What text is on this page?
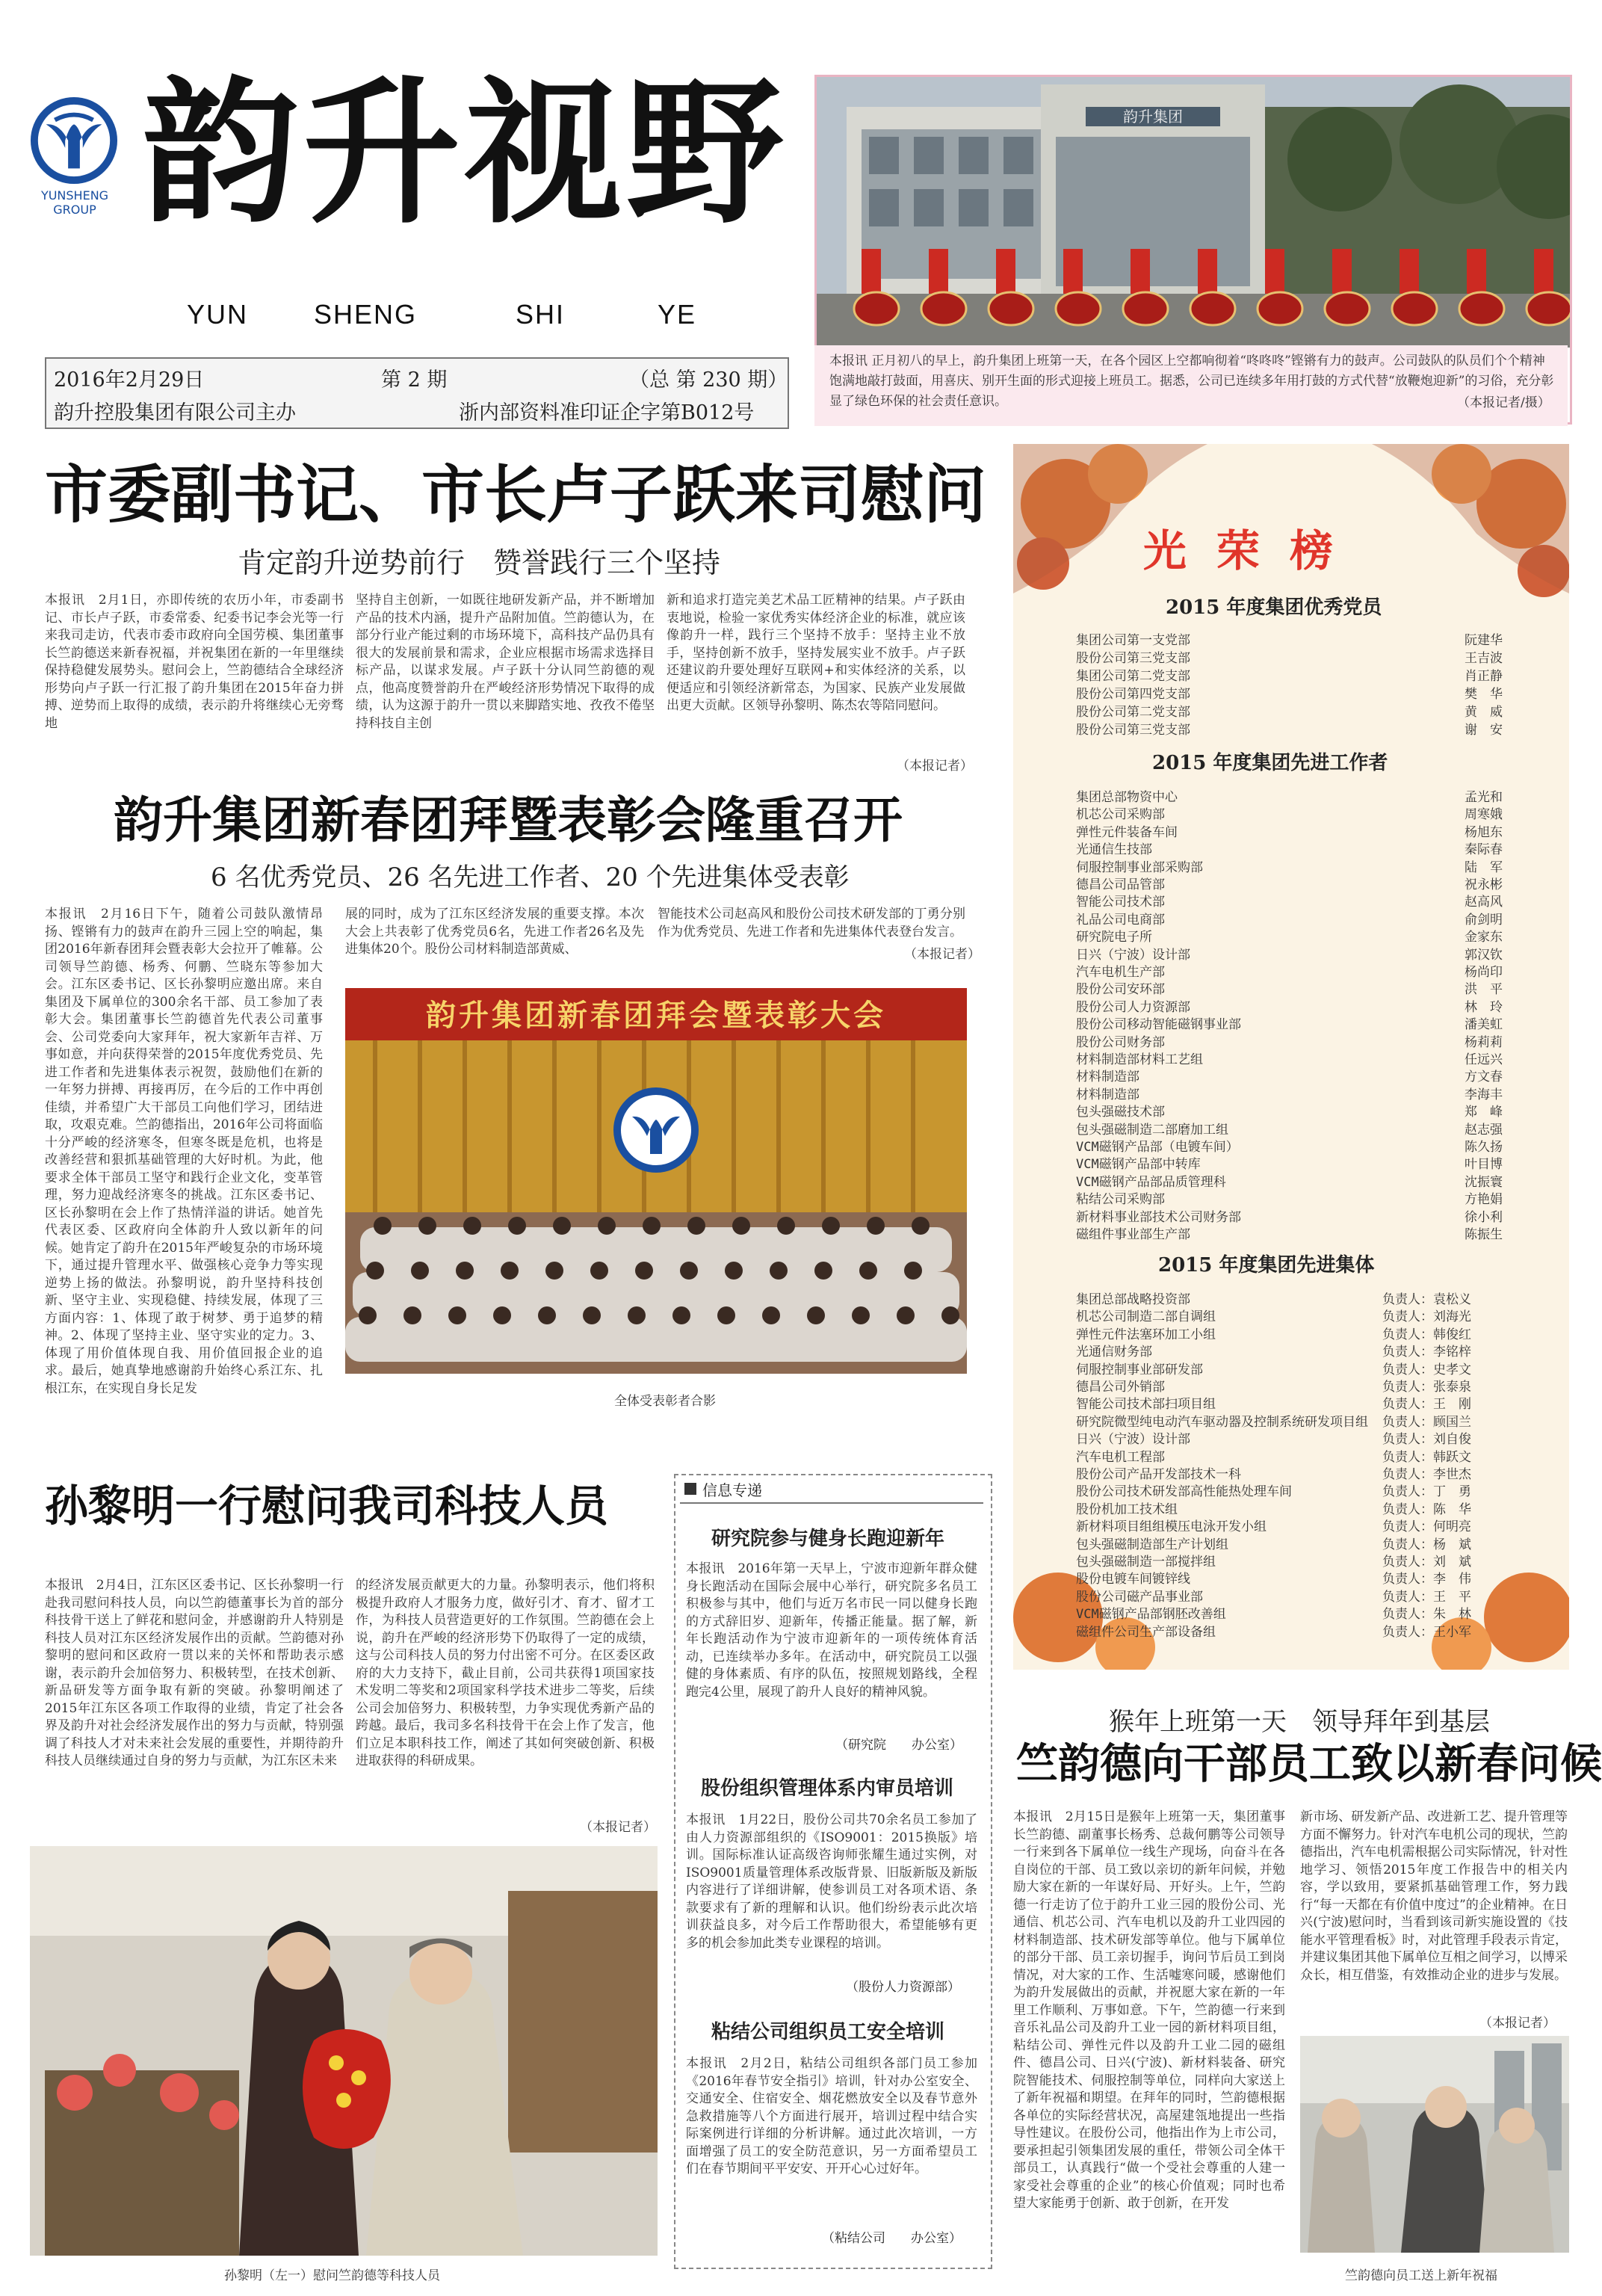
YUNSHENG GROUP 韵升视野
YUN SHENG	SHI	YE
2016年2月29日	第 2 期	（总 第 230 期）
韵升控股集团有限公司主办	浙内部资料准印证企字第B012号
韵升集团
本报讯 正月初八的早上，韵升集团上班第一天，在各个园区上空都响彻着“咚咚咚”铿锵有力的鼓声。公司鼓队的队员们个个精神饱满地敲打鼓面，用喜庆、别开生面的形式迎接上班员工。据悉，公司已连续多年用打鼓的方式代替“放鞭炮迎新”的习俗，充分彰显了绿色环保的社会责任意识。	（本报记者/摄）
市委副书记、市长卢子跃来司慰问
肯定韵升逆势前行　赞誉践行三个坚持
本报讯　2月1日，亦即传统的农历小年，市委副书记、市长卢子跃，市委常委、纪委书记李会光等一行来我司走访，代表市委市政府向全国劳模、集团董事长竺韵德送来新春祝福，并祝集团在新的一年里继续保持稳健发展势头。慰问会上，竺韵德结合全球经济形势向卢子跃一行汇报了韵升集团在2015年奋力拼搏、逆势而上取得的成绩，表示韵升将继续心无旁骛地
坚持自主创新，一如既往地研发新产品，并不断增加产品的技术内涵，提升产品附加值。竺韵德认为，在部分行业产能过剩的市场环境下，高科技产品仍具有很大的发展前景和需求，企业应根据市场需求选择目标产品，以谋求发展。卢子跃十分认同竺韵德的观点，他高度赞誉韵升在严峻经济形势情况下取得的成绩，认为这源于韵升一贯以来脚踏实地、孜孜不倦坚持科技自主创
新和追求打造完美艺术品工匠精神的结果。卢子跃由衷地说，检验一家优秀实体经济企业的标准，就应该像韵升一样，践行三个坚持不放手：坚持主业不放手，坚持创新不放手，坚持发展实业不放手。卢子跃还建议韵升要处理好互联网+和实体经济的关系，以便适应和引领经济新常态，为国家、民族产业发展做出更大贡献。区领导孙黎明、陈杰农等陪同慰问。
（本报记者）
韵升集团新春团拜暨表彰会隆重召开
6 名优秀党员、26 名先进工作者、20 个先进集体受表彰
本报讯　2月16日下午，随着公司鼓队激情昂扬、铿锵有力的鼓声在韵升三园上空的响起，集团2016年新春团拜会暨表彰大会拉开了帷幕。公司领导竺韵德、杨秀、何鹏、竺晓东等参加大会。江东区委书记、区长孙黎明应邀出席。来自集团及下属单位的300余名干部、员工参加了表彰大会。集团董事长竺韵德首先代表公司董事会、公司党委向大家拜年，祝大家新年吉祥、万事如意，并向获得荣誉的2015年度优秀党员、先进工作者和先进集体表示祝贺，鼓励他们在新的一年努力拼搏、再接再厉，在今后的工作中再创佳绩，并希望广大干部员工向他们学习，团结进取，攻艰克难。竺韵德指出，2016年公司将面临十分严峻的经济寒冬，但寒冬既是危机，也将是改善经营和狠抓基础管理的大好时机。为此，他要求全体干部员工坚守和践行企业文化，变革管理，努力迎战经济寒冬的挑战。江东区委书记、区长孙黎明在会上作了热情洋溢的讲话。她首先代表区委、区政府向全体韵升人致以新年的问候。她肯定了韵升在2015年严峻复杂的市场环境下，通过提升管理水平、做强核心竞争力等实现逆势上扬的做法。孙黎明说，韵升坚持科技创新、坚守主业、实现稳健、持续发展，体现了三方面内容：1、体现了敢于树梦、勇于追梦的精神。2、体现了坚持主业、坚守实业的定力。3、体现了用价值体现自我、用价值回报企业的追求。最后，她真挚地感谢韵升始终心系江东、扎根江东，在实现自身长足发
展的同时，成为了江东区经济发展的重要支撑。本次大会上共表彰了优秀党员6名，先进工作者26名及先进集体20个。股份公司材料制造部黄威、
智能技术公司赵高风和股份公司技术研发部的丁勇分别作为优秀党员、先进工作者和先进集体代表登台发言。
（本报记者）
韵升集团新春团拜会暨表彰大会
全体受表彰者合影
光荣榜
2015 年度集团优秀党员
集团公司第一支党部	阮建华
股份公司第三党支部	王吉波
集团公司第二党支部	肖正静
股份公司第四党支部	樊　华
股份公司第二党支部	黄　威
股份公司第三党支部	谢　安
2015 年度集团先进工作者
集团总部物资中心	孟光和
机芯公司采购部	周寒娥
弹性元件装备车间	杨旭东
光通信生技部	秦际春
伺服控制事业部采购部	陆　军
德昌公司品管部	祝永彬
智能公司技术部	赵高风
礼品公司电商部	俞剑明
研究院电子所	金家东
日兴（宁波）设计部	郭汉钦
汽车电机生产部	杨尚印
股份公司安环部	洪　平
股份公司人力资源部	林　玲
股份公司移动智能磁钢事业部	潘美虹
股份公司财务部	杨莉莉
材料制造部材料工艺组	任远兴
材料制造部	方文春
材料制造部	李海丰
包头强磁技术部	郑　峰
包头强磁制造二部磨加工组	赵志强
VCM磁钢产品部（电镀车间）	陈久扬
VCM磁钢产品部中转库	叶目博
VCM磁钢产品部品质管理科	沈振寰
粘结公司采购部	方艳娟
新材料事业部技术公司财务部	徐小利
磁组件事业部生产部	陈振生
2015 年度集团先进集体
集团总部战略投资部	负责人：袁松义
机芯公司制造二部自调组	负责人：刘海光
弹性元件法塞环加工小组	负责人：韩俊红
光通信财务部	负责人：李铭梓
伺服控制事业部研发部	负责人：史孝文
德昌公司外销部	负责人：张泰泉
智能公司技术部扫项目组	负责人：王　刚
研究院微型纯电动汽车驱动器及控制系统研发项目组 负责人：顾国兰
日兴（宁波）设计部	负责人：刘自俊
汽车电机工程部	负责人：韩跃文
股份公司产品开发部技术一科	负责人：李世杰
股份公司技术研发部高性能热处理车间	负责人：丁　勇
股份机加工技术组	负责人：陈　华
新材料项目组组模压电泳开发小组	负责人：何明亮
包头强磁制造部生产计划组	负责人：杨　斌
包头强磁制造一部搅拌组	负责人：刘　斌
股份电镀车间镀锌线	负责人：李　伟
股份公司磁产品事业部	负责人：王　平
VCM磁钢产品部钢胚改善组	负责人：朱　林
磁组件公司生产部设备组	负责人：王小军
孙黎明一行慰问我司科技人员
本报讯　2月4日，江东区区委书记、区长孙黎明一行赴我司慰问科技人员，向以竺韵德董事长为首的部分科技骨干送上了鲜花和慰问金，并感谢韵升人特别是科技人员对江东区经济发展作出的贡献。竺韵德对孙黎明的慰问和区政府一贯以来的关怀和帮助表示感谢，表示韵升会加倍努力、积极转型，在技术创新、新品研发等方面争取有新的突破。孙黎明阐述了2015年江东区各项工作取得的业绩，肯定了社会各界及韵升对社会经济发展作出的努力与贡献，特别强调了科技人才对未来社会发展的重要性，并期待韵升科技人员继续通过自身的努力与贡献，为江东区未来
的经济发展贡献更大的力量。孙黎明表示，他们将积极提升政府人才服务力度，做好引才、育才、留才工作，为科技人员营造更好的工作氛围。竺韵德在会上说，韵升在严峻的经济形势下仍取得了一定的成绩，这与公司科技人员的努力付出密不可分。在区委区政府的大力支持下，截止目前，公司共获得1项国家技术发明二等奖和2项国家科学技术进步二等奖，后续公司会加倍努力、积极转型，力争实现优秀新产品的跨越。最后，我司多名科技骨干在会上作了发言，他们立足本职科技工作，阐述了其如何突破创新、积极进取获得的科研成果。
（本报记者）
孙黎明（左一）慰问竺韵德等科技人员
信息专递
研究院参与健身长跑迎新年
本报讯　2016年第一天早上，宁波市迎新年群众健身长跑活动在国际会展中心举行，研究院多名员工积极参与其中，他们与近万名市民一同以健身长跑的方式辞旧岁、迎新年，传播正能量。据了解，新年长跑活动作为宁波市迎新年的一项传统体育活动，已连续举办多年。在活动中，研究院员工以强健的身体素质、有序的队伍，按照规划路线，全程跑完4公里，展现了韵升人良好的精神风貌。
（研究院　　办公室）
股份组织管理体系内审员培训
本报讯　1月22日，股份公司共70余名员工参加了由人力资源部组织的《ISO9001：2015换版》培训。国际标准认证高级咨询师张耀生通过实例，对ISO9001质量管理体系改版背景、旧版新版及新版内容进行了详细讲解，使参训员工对各项术语、条款要求有了新的理解和认识。他们纷纷表示此次培训获益良多，对今后工作帮助很大，希望能够有更多的机会参加此类专业课程的培训。
（股份人力资源部）
粘结公司组织员工安全培训
本报讯　2月2日，粘结公司组织各部门员工参加《2016年春节安全指引》培训，针对办公室安全、交通安全、住宿安全、烟花燃放安全以及春节意外急救措施等八个方面进行展开，培训过程中结合实际案例进行详细的分析讲解。通过此次培训，一方面增强了员工的安全防范意识，另一方面希望员工们在春节期间平平安安、开开心心过好年。
（粘结公司　　办公室）
猴年上班第一天　领导拜年到基层
竺韵德向干部员工致以新春问候
本报讯　2月15日是猴年上班第一天，集团董事长竺韵德、副董事长杨秀、总裁何鹏等公司领导一行来到各下属单位一线生产现场，向奋斗在各自岗位的干部、员工致以亲切的新年问候，并勉励大家在新的一年谋好局、开好头。上午，竺韵德一行走访了位于韵升工业三园的股份公司、光通信、机芯公司、汽车电机以及韵升工业四园的材料制造部、技术研发部等单位。他与下属单位的部分干部、员工亲切握手，询问节后员工到岗情况，对大家的工作、生活嘘寒问暖，感谢他们为韵升发展做出的贡献，并祝愿大家在新的一年里工作顺利、万事如意。下午，竺韵德一行来到音乐礼品公司及韵升工业一园的新材料项目组，粘结公司、弹性元件以及韵升工业二园的磁组件、德昌公司、日兴(宁波)、新材料装备、研究院智能技术、伺服控制等单位，同样向大家送上了新年祝福和期望。在拜年的同时，竺韵德根据各单位的实际经营状况，高屋建瓴地提出一些指导性建议。在股份公司，他指出作为上市公司，要承担起引领集团发展的重任，带领公司全体干部员工，认真践行“做一个受社会尊重的人建一家受社会尊重的企业”的核心价值观；同时也希望大家能勇于创新、敢于创新，在开发
新市场、研发新产品、改进新工艺、提升管理等方面不懈努力。针对汽车电机公司的现状，竺韵德指出，汽车电机需根据公司实际情况，针对性地学习、领悟2015年度工作报告中的相关内容，学以致用，要紧抓基础管理工作，努力践行“每一天都在有价值中度过”的企业精神。在日兴(宁波)慰问时，当看到该司新实施设置的《技能水平管理看板》时，对此管理手段表示肯定，并建议集团其他下属单位互相之间学习，以博采众长，相互借鉴，有效推动企业的进步与发展。
（本报记者）
竺韵德向员工送上新年祝福
